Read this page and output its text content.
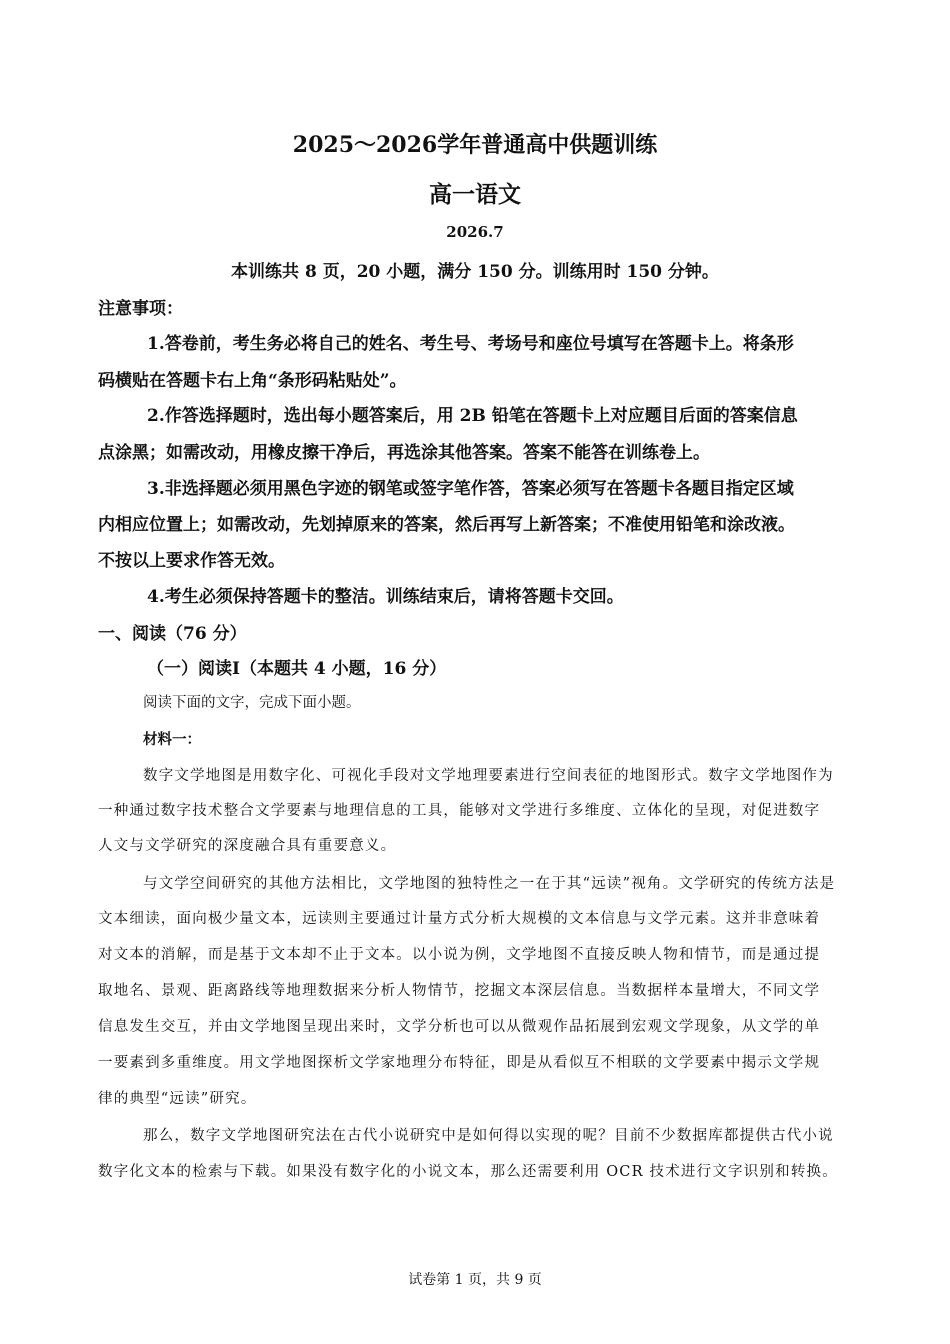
2025～2026学年普通高中供题训练
高一语文
2026.7
本训练共 8 页，20 小题，满分 150 分。训练用时 150 分钟。
注意事项：
1.答卷前，考生务必将自己的姓名、考生号、考场号和座位号填写在答题卡上。将条形
码横贴在答题卡右上角“条形码粘贴处”。
2.作答选择题时，选出每小题答案后，用 2B 铅笔在答题卡上对应题目后面的答案信息
点涂黑；如需改动，用橡皮擦干净后，再选涂其他答案。答案不能答在训练卷上。
3.非选择题必须用黑色字迹的钢笔或签字笔作答，答案必须写在答题卡各题目指定区域
内相应位置上；如需改动，先划掉原来的答案，然后再写上新答案；不准使用铅笔和涂改液。
不按以上要求作答无效。
4.考生必须保持答题卡的整洁。训练结束后，请将答题卡交回。
一、阅读（76 分）
（一）阅读I（本题共 4 小题，16 分）
阅读下面的文字，完成下面小题。
材料一：
数字文学地图是用数字化、可视化手段对文学地理要素进行空间表征的地图形式。数字文学地图作为
一种通过数字技术整合文学要素与地理信息的工具，能够对文学进行多维度、立体化的呈现，对促进数字
人文与文学研究的深度融合具有重要意义。
与文学空间研究的其他方法相比，文学地图的独特性之一在于其“远读”视角。文学研究的传统方法是
文本细读，面向极少量文本，远读则主要通过计量方式分析大规模的文本信息与文学元素。这并非意味着
对文本的消解，而是基于文本却不止于文本。以小说为例，文学地图不直接反映人物和情节，而是通过提
取地名、景观、距离路线等地理数据来分析人物情节，挖掘文本深层信息。当数据样本量增大，不同文学
信息发生交互，并由文学地图呈现出来时，文学分析也可以从微观作品拓展到宏观文学现象，从文学的单
一要素到多重维度。用文学地图探析文学家地理分布特征，即是从看似互不相联的文学要素中揭示文学规
律的典型“远读”研究。
那么，数字文学地图研究法在古代小说研究中是如何得以实现的呢？目前不少数据库都提供古代小说
数字化文本的检索与下载。如果没有数字化的小说文本，那么还需要利用 OCR 技术进行文字识别和转换。
试卷第 1 页，共 9 页
